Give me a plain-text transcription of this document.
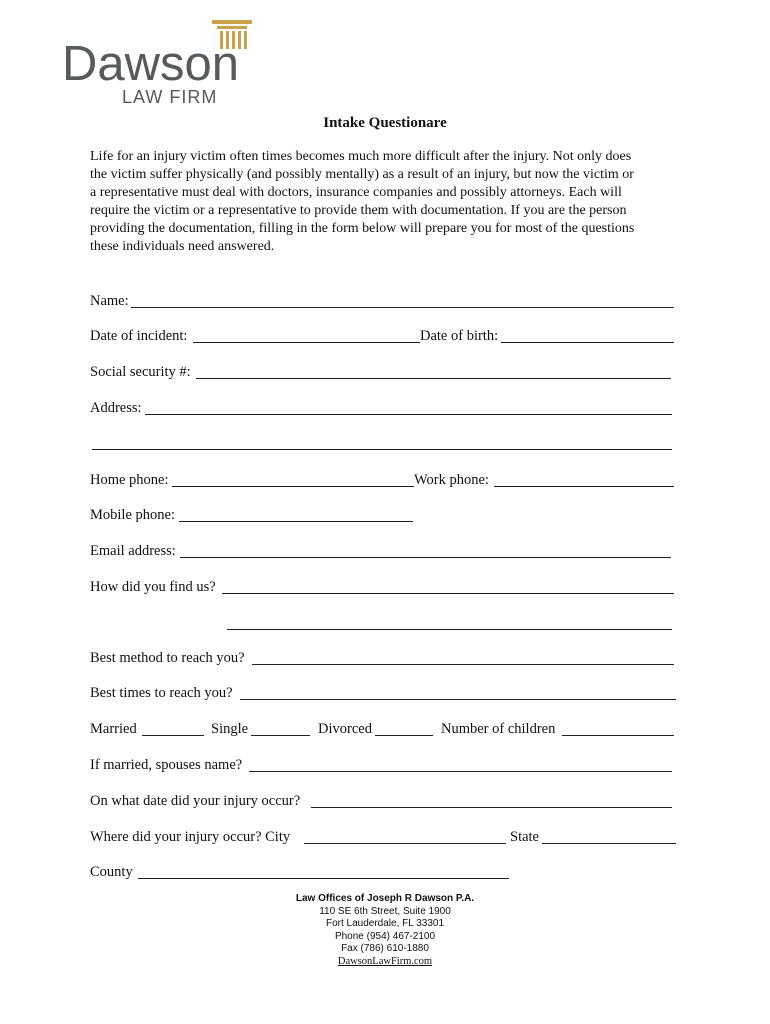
Dawson
LAW FIRM
Intake Questionare
Life for an injury victim often times becomes much more difficult after the injury. Not only does
the victim suffer physically (and possibly mentally) as a result of an injury, but now the victim or
a representative must deal with doctors, insurance companies and possibly attorneys. Each will
require the victim or a representative to provide them with documentation. If you are the person
providing the documentation, filling in the form below will prepare you for most of the questions
these individuals need answered.
Name:
Date of incident:	Date of birth:
Social security #:
Address:
Home phone:	Work phone:
Mobile phone:
Email address:
How did you find us?
Best method to reach you?
Best times to reach you?
Married	Single	Divorced	Number of children
If married, spouses name?
On what date did your injury occur?
Where did your injury occur? City	State
County
Law Offices of Joseph R Dawson P.A.
110 SE 6th Street, Suite 1900
Fort Lauderdale, FL 33301
Phone (954) 467-2100
Fax (786) 610-1880
DawsonLawFirm.com
